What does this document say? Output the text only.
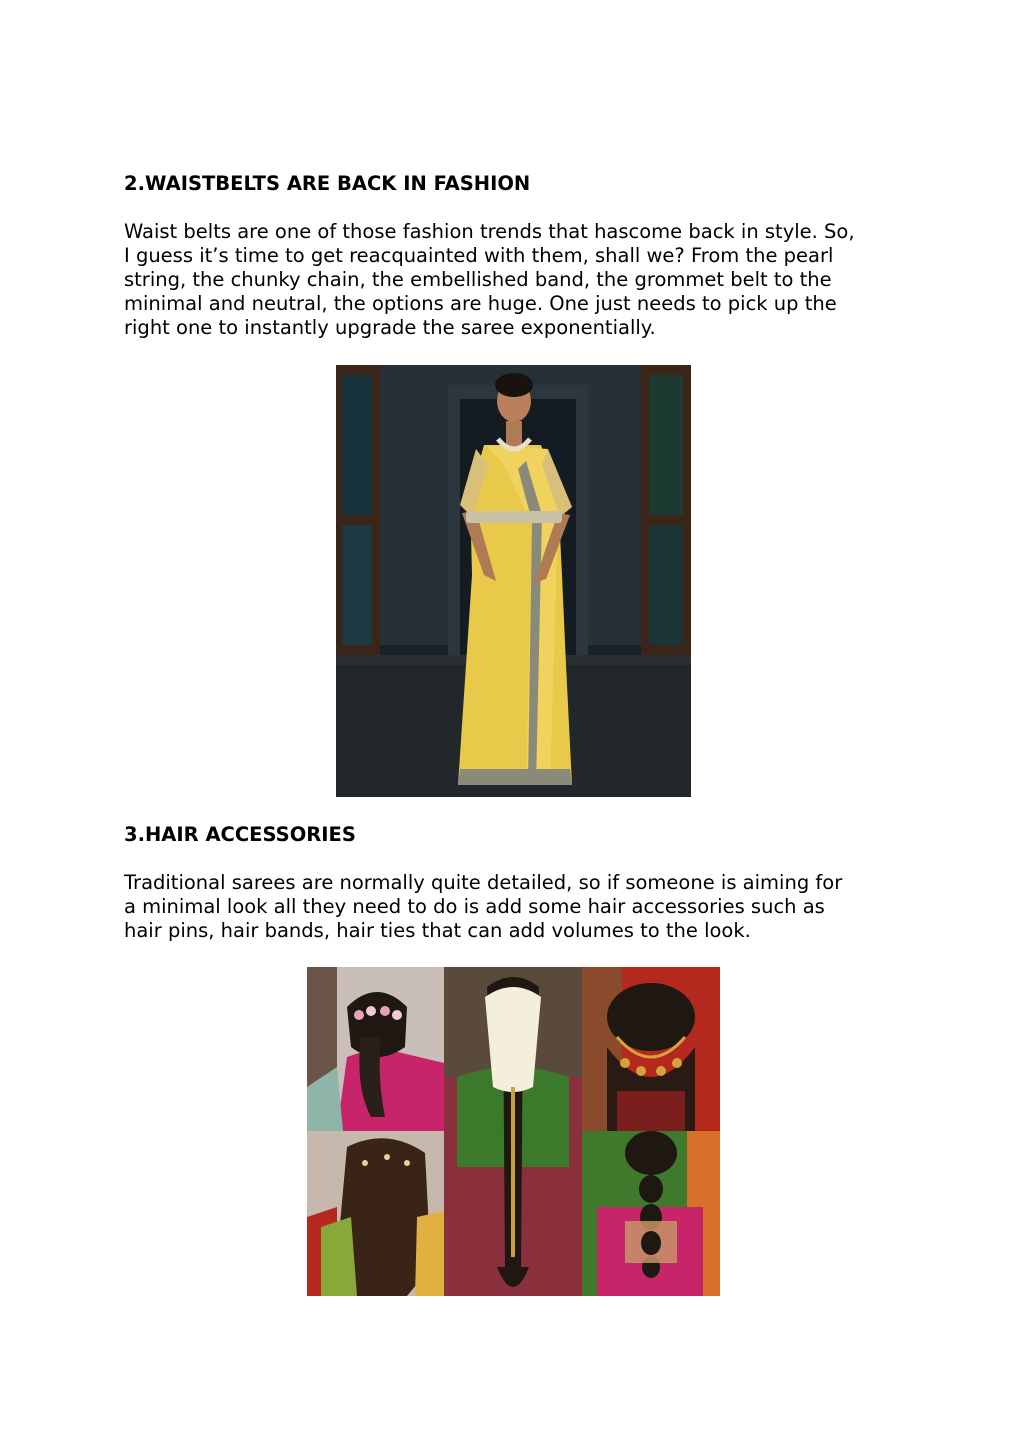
2.WAISTBELTS ARE BACK IN FASHION

Waist belts are one of those fashion trends that hascome back in style. So,
I guess it’s time to get reacquainted with them, shall we? From the pearl
string, the chunky chain, the embellished band, the grommet belt to the
minimal and neutral, the options are huge. One just needs to pick up the
right one to instantly upgrade the saree exponentially.

3.HAIR ACCESSORIES

Traditional sarees are normally quite detailed, so if someone is aiming for
a minimal look all they need to do is add some hair accessories such as
hair pins, hair bands, hair ties that can add volumes to the look.
